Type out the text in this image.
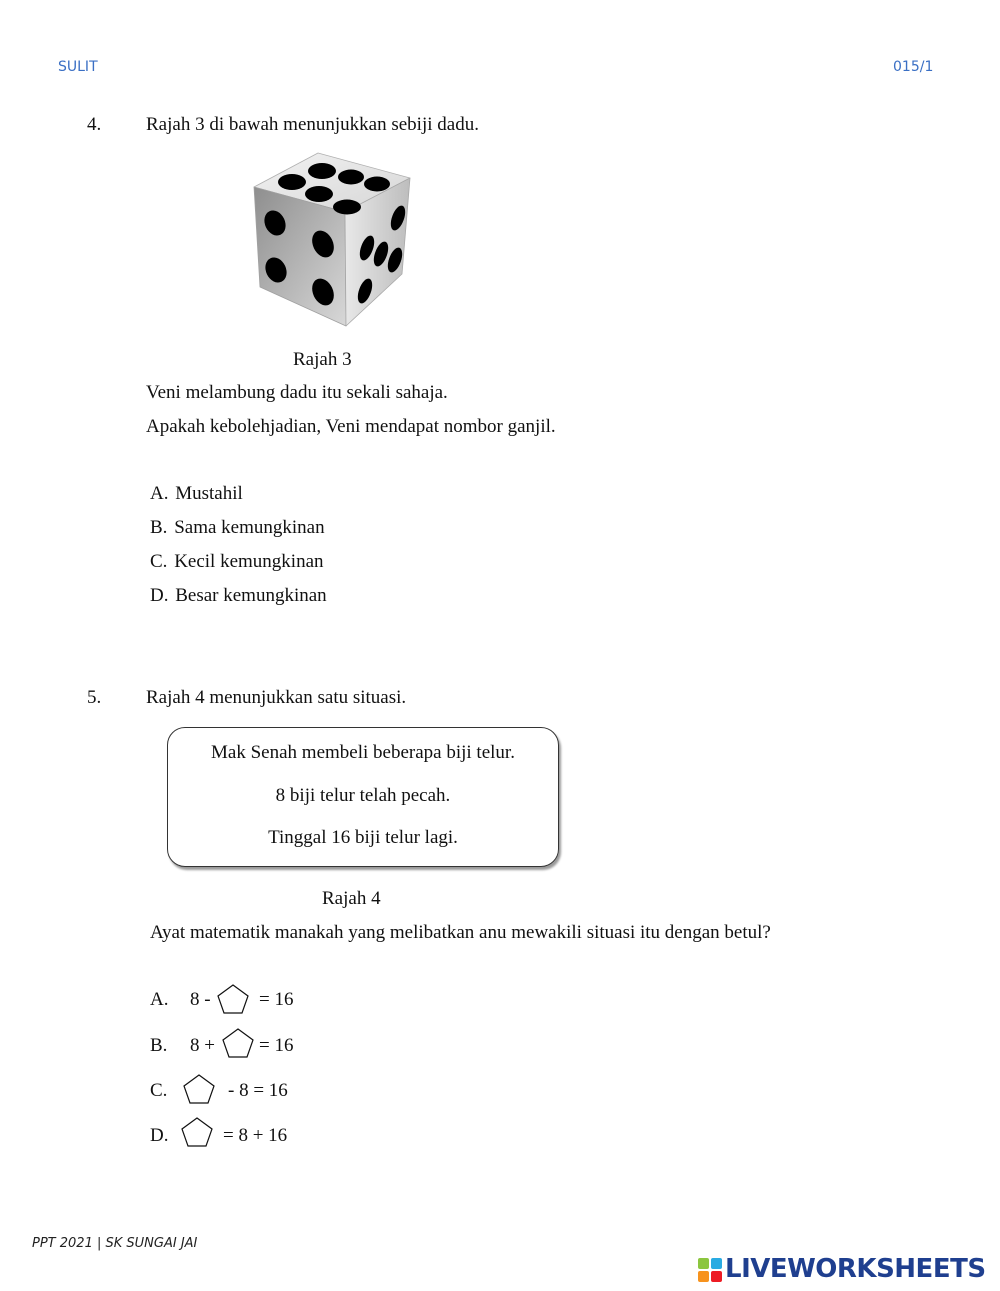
SULIT	015/1
4. Rajah 3 di bawah menunjukkan sebiji dadu.
Rajah 3
Veni melambung dadu itu sekali sahaja.
Apakah kebolehjadian, Veni mendapat nombor ganjil.
A. Mustahil
B. Sama kemungkinan
C. Kecil kemungkinan
D. Besar kemungkinan
5. Rajah 4 menunjukkan satu situasi.
Mak Senah membeli beberapa biji telur.
8 biji telur telah pecah.
Tinggal 16 biji telur lagi.
Rajah 4
Ayat matematik manakah yang melibatkan anu mewakili situasi itu dengan betul?
A. 8 -	= 16
B. 8 + = 16
C.	- 8 = 16
D.	= 8 + 16
PPT 2021 | SK SUNGAI JAI
LIVEWORKSHEETS
